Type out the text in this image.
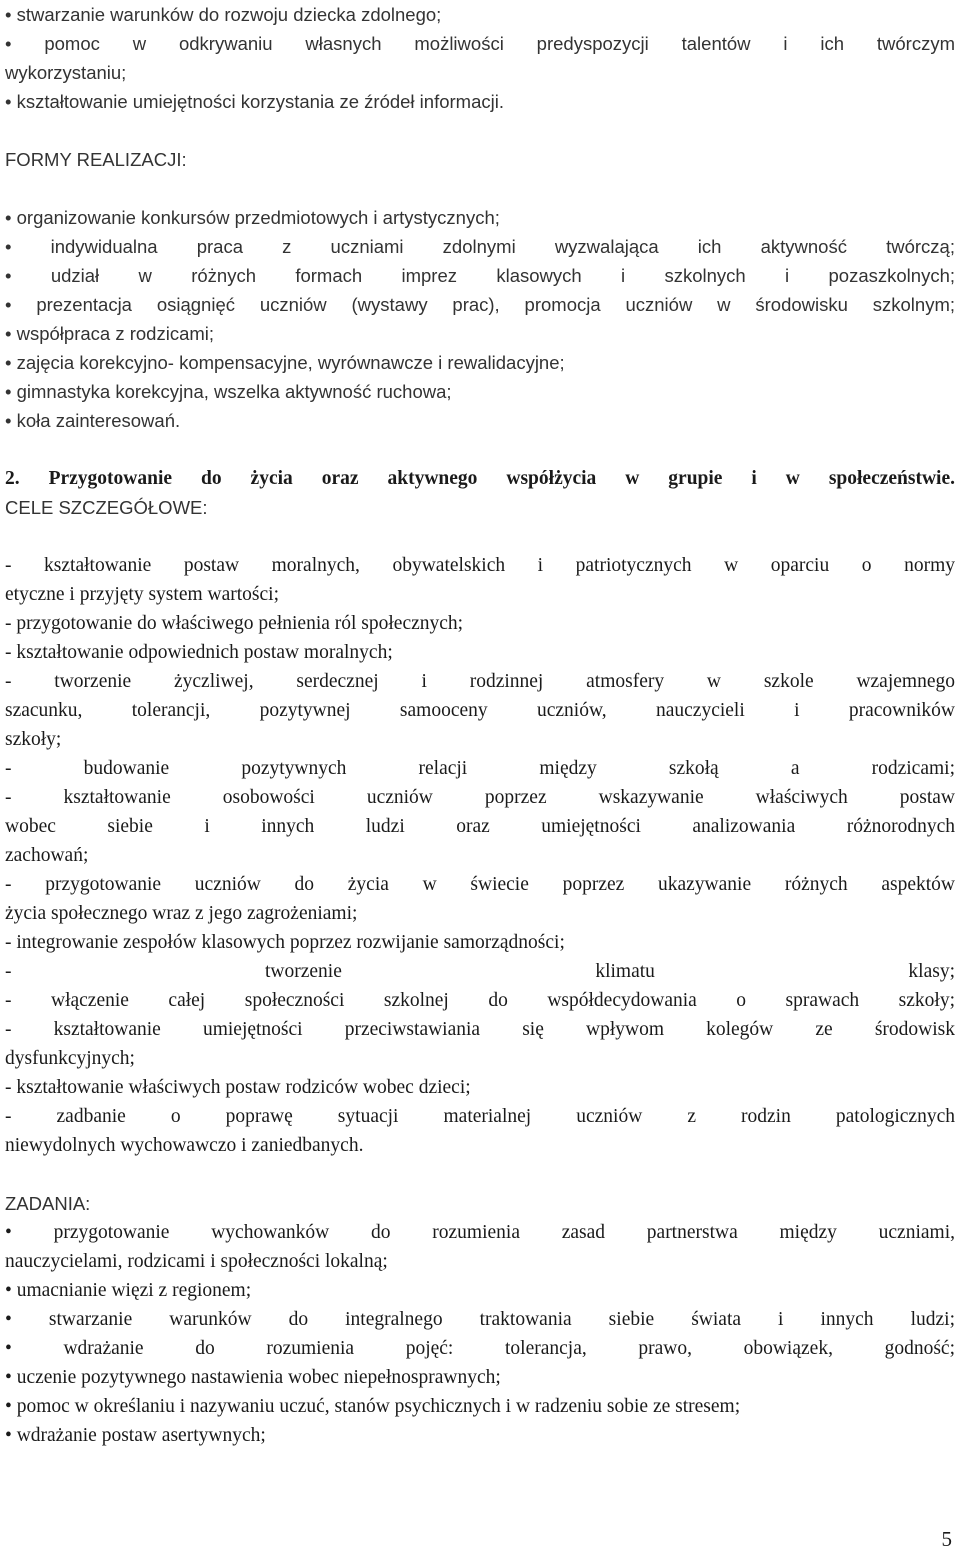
• stwarzanie warunków do rozwoju dziecka zdolnego;
• pomoc w odkrywaniu własnych możliwości predyspozycji talentów i ich twórczym
wykorzystaniu;
• kształtowanie umiejętności korzystania ze źródeł informacji.
FORMY REALIZACJI:
• organizowanie konkursów przedmiotowych i artystycznych;
• indywidualna praca z uczniami zdolnymi wyzwalająca ich aktywność twórczą;
• udział w różnych formach imprez klasowych i szkolnych i pozaszkolnych;
• prezentacja osiągnięć uczniów (wystawy prac), promocja uczniów w środowisku szkolnym;
• współpraca z rodzicami;
• zajęcia korekcyjno- kompensacyjne, wyrównawcze i rewalidacyjne;
• gimnastyka korekcyjna, wszelka aktywność ruchowa;
• koła zainteresowań.
2. Przygotowanie do życia oraz aktywnego współżycia w grupie i w społeczeństwie.
CELE SZCZEGÓŁOWE:
- kształtowanie postaw moralnych, obywatelskich i patriotycznych w oparciu o normy
etyczne i przyjęty system wartości;
- przygotowanie do właściwego pełnienia ról społecznych;
- kształtowanie odpowiednich postaw moralnych;
- tworzenie życzliwej, serdecznej i rodzinnej atmosfery w szkole wzajemnego
szacunku, tolerancji, pozytywnej samooceny uczniów, nauczycieli i pracowników
szkoły;
- budowanie pozytywnych relacji między szkołą a rodzicami;
- kształtowanie osobowości uczniów poprzez wskazywanie właściwych postaw
wobec siebie i innych ludzi oraz umiejętności analizowania różnorodnych
zachowań;
- przygotowanie uczniów do życia w świecie poprzez ukazywanie różnych aspektów
życia społecznego wraz z jego zagrożeniami;
- integrowanie zespołów klasowych poprzez rozwijanie samorządności;
- tworzenie klimatu klasy;
- włączenie całej społeczności szkolnej do współdecydowania o sprawach szkoły;
- kształtowanie umiejętności przeciwstawiania się wpływom kolegów ze środowisk
dysfunkcyjnych;
- kształtowanie właściwych postaw rodziców wobec dzieci;
- zadbanie o poprawę sytuacji materialnej uczniów z rodzin patologicznych
niewydolnych wychowawczo i zaniedbanych.
ZADANIA:
• przygotowanie wychowanków do rozumienia zasad partnerstwa między uczniami,
nauczycielami, rodzicami i społeczności lokalną;
• umacnianie więzi z regionem;
• stwarzanie warunków do integralnego traktowania siebie świata i innych ludzi;
• wdrażanie do rozumienia pojęć: tolerancja, prawo, obowiązek, godność;
• uczenie pozytywnego nastawienia wobec niepełnosprawnych;
• pomoc w określaniu i nazywaniu uczuć, stanów psychicznych i w radzeniu sobie ze stresem;
• wdrażanie postaw asertywnych;
5
